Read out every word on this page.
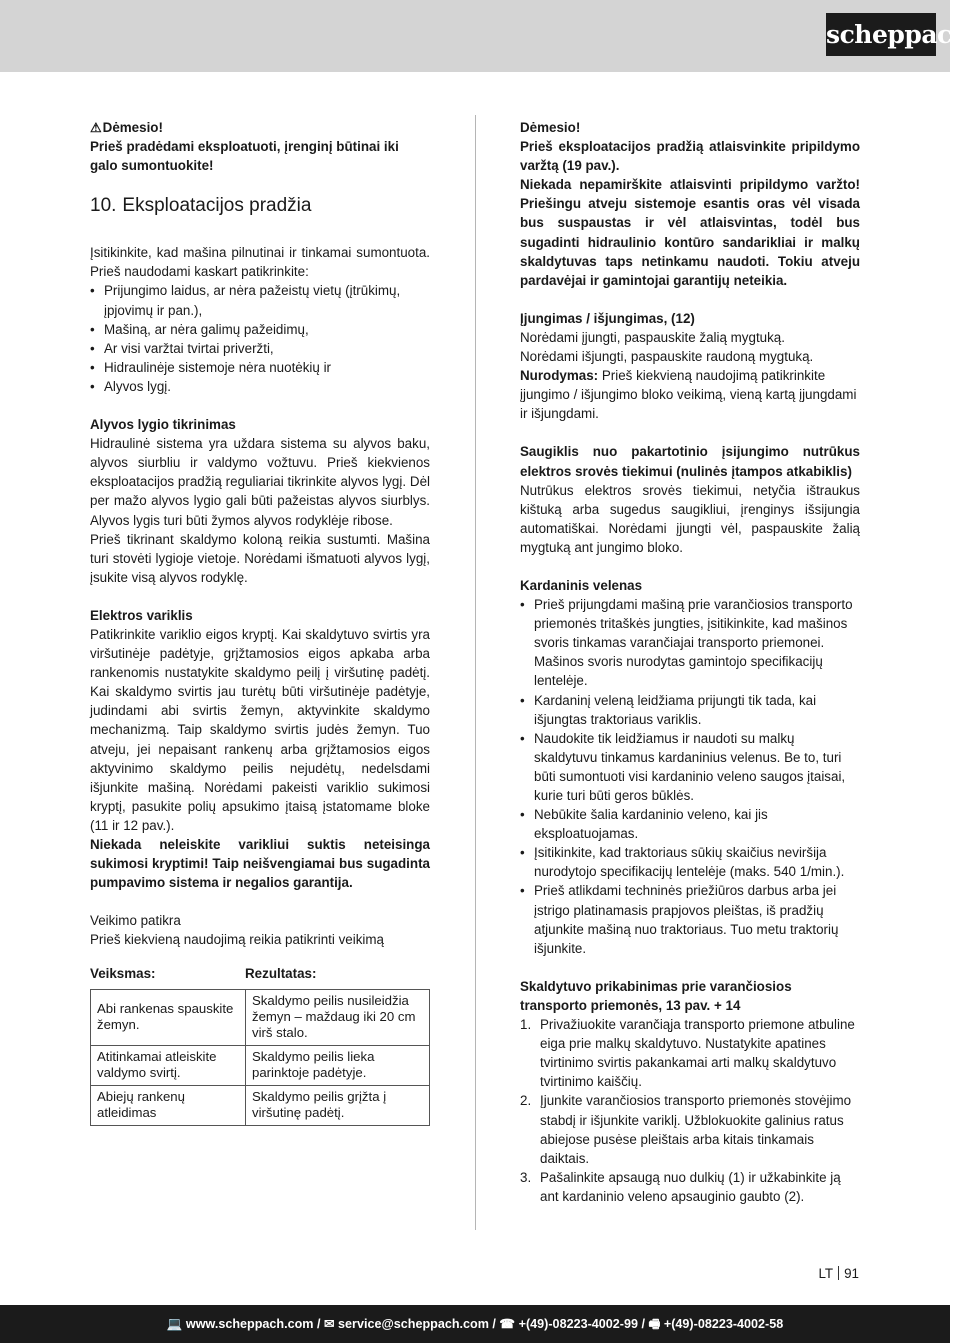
scheppach

⚠Dėmesio!

Prieš pradėdami eksploatuoti, įrenginį būtinai iki galo sumontuokite!

10. Eksploatacijos pradžia

Įsitikinkite, kad mašina pilnutinai ir tinkamai sumontuota. Prieš naudodami kaskart patikrinkite:

• Prijungimo laidus, ar nėra pažeistų vietų (įtrūkimų, įpjovimų ir pan.),
• Mašiną, ar nėra galimų pažeidimų,
• Ar visi varžtai tvirtai priveržti,
• Hidraulinėje sistemoje nėra nuotėkių ir
• Alyvos lygį.

Alyvos lygio tikrinimas

Hidraulinė sistema yra uždara sistema su alyvos baku, alyvos siurbliu ir valdymo vožtuvu. Prieš kiekvienos eksploatacijos pradžią reguliariai tikrinkite alyvos lygį. Dėl per mažo alyvos lygio gali būti pažeistas alyvos siurblys. Alyvos lygis turi būti žymos alyvos rodyklėje ribose.

Prieš tikrinant skaldymo koloną reikia sustumti. Mašina turi stovėti lygioje vietoje. Norėdami išmatuoti alyvos lygį, įsukite visą alyvos rodyklę.

Elektros variklis

Patikrinkite variklio eigos kryptį. Kai skaldytuvo svirtis yra viršutinėje padėtyje, grįžtamosios eigos apkaba arba rankenomis nustatykite skaldymo peilį į viršutinę padėtį. Kai skaldymo svirtis jau turėtų būti viršutinėje padėtyje, judindami abi svirtis žemyn, aktyvinkite skaldymo mechanizmą. Taip skaldymo svirtis judės žemyn. Tuo atveju, jei nepaisant rankenų arba grįžtamosios eigos aktyvinimo skaldymo peilis nejudėtų, nedelsdami išjunkite mašiną. Norėdami pakeisti variklio sukimosi kryptį, pasukite polių apsukimo įtaisą įstatomame bloke (11 ir 12 pav.).

Niekada neleiskite varikliui suktis neteisinga sukimosi kryptimi! Taip neišvengiamai bus sugadinta pumpavimo sistema ir negalios garantija.

Veikimo patikra

Prieš kiekvieną naudojimą reikia patikrinti veikimą

Veiksmas:	Rezultatas:
Abi rankenas spauskite žemyn.	Skaldymo peilis nusileidžia žemyn – maždaug iki 20 cm virš stalo.
Atitinkamai atleiskite valdymo svirtį.	Skaldymo peilis lieka parinktoje padėtyje.
Abiejų rankenų atleidimas	Skaldymo peilis grįžta į viršutinę padėtį.

Dėmesio!

Prieš eksploatacijos pradžią atlaisvinkite pripildymo varžtą (19 pav.).
Niekada nepamirškite atlaisvinti pripildymo varžto! Priešingu atveju sistemoje esantis oras vėl visada bus suspaustas ir vėl atlaisvintas, todėl bus sugadinti hidraulinio kontūro sandarikliai ir malkų skaldytuvas taps netinkamu naudoti. Tokiu atveju pardavėjai ir gamintojai garantijų neteikia.

Įjungimas / išjungimas, (12)

Norėdami įjungti, paspauskite žalią mygtuką.

Norėdami išjungti, paspauskite raudoną mygtuką.

Nurodymas: Prieš kiekvieną naudojimą patikrinkite įjungimo / išjungimo bloko veikimą, vieną kartą įjungdami ir išjungdami.

Saugiklis nuo pakartotinio įsijungimo nutrūkus elektros srovės tiekimui (nulinės įtampos atkabiklis)

Nutrūkus elektros srovės tiekimui, netyčia ištraukus kištuką arba sugedus saugikliui, įrenginys išsijungia automatiškai. Norėdami įjungti vėl, paspauskite žalią mygtuką ant jungimo bloko.

Kardaninis velenas

• Prieš prijungdami mašiną prie varančiosios transporto priemonės tritaškės jungties, įsitikinkite, kad mašinos svoris tinkamas varančiajai transporto priemonei. Mašinos svoris nurodytas gamintojo specifikacijų lentelėje.
• Kardaninį veleną leidžiama prijungti tik tada, kai išjungtas traktoriaus variklis.
• Naudokite tik leidžiamus ir naudoti su malkų skaldytuvu tinkamus kardaninius velenus. Be to, turi būti sumontuoti visi kardaninio veleno saugos įtaisai, kurie turi būti geros būklės.
• Nebūkite šalia kardaninio veleno, kai jis eksploatuojamas.
• Įsitikinkite, kad traktoriaus sūkių skaičius neviršija nurodytojo specifikacijų lentelėje (maks. 540 1/min.).
• Prieš atlikdami techninės priežiūros darbus arba jei įstrigo platinamasis prapjovos pleištas, iš pradžių atjunkite mašiną nuo traktoriaus. Tuo metu traktorių išjunkite.

Skaldytuvo prikabinimas prie varančiosios transporto priemonės, 13 pav. + 14

1. Privažiuokite varančiąja transporto priemone atbuline eiga prie malkų skaldytuvo. Nustatykite apatines tvirtinimo svirtis pakankamai arti malkų skaldytuvo tvirtinimo kaiščių.
2. Įjunkite varančiosios transporto priemonės stovėjimo stabdį ir išjunkite variklį. Užblokuokite galinius ratus abiejose pusėse pleištais arba kitais tinkamais daiktais.
3. Pašalinkite apsaugą nuo dulkių (1) ir užkabinkite ją ant kardaninio veleno apsauginio gaubto (2).
LT 91
💻 www.scheppach.com / ✉ service@scheppach.com / ☎ +(49)-08223-4002-99 / 🖷 +(49)-08223-4002-58
